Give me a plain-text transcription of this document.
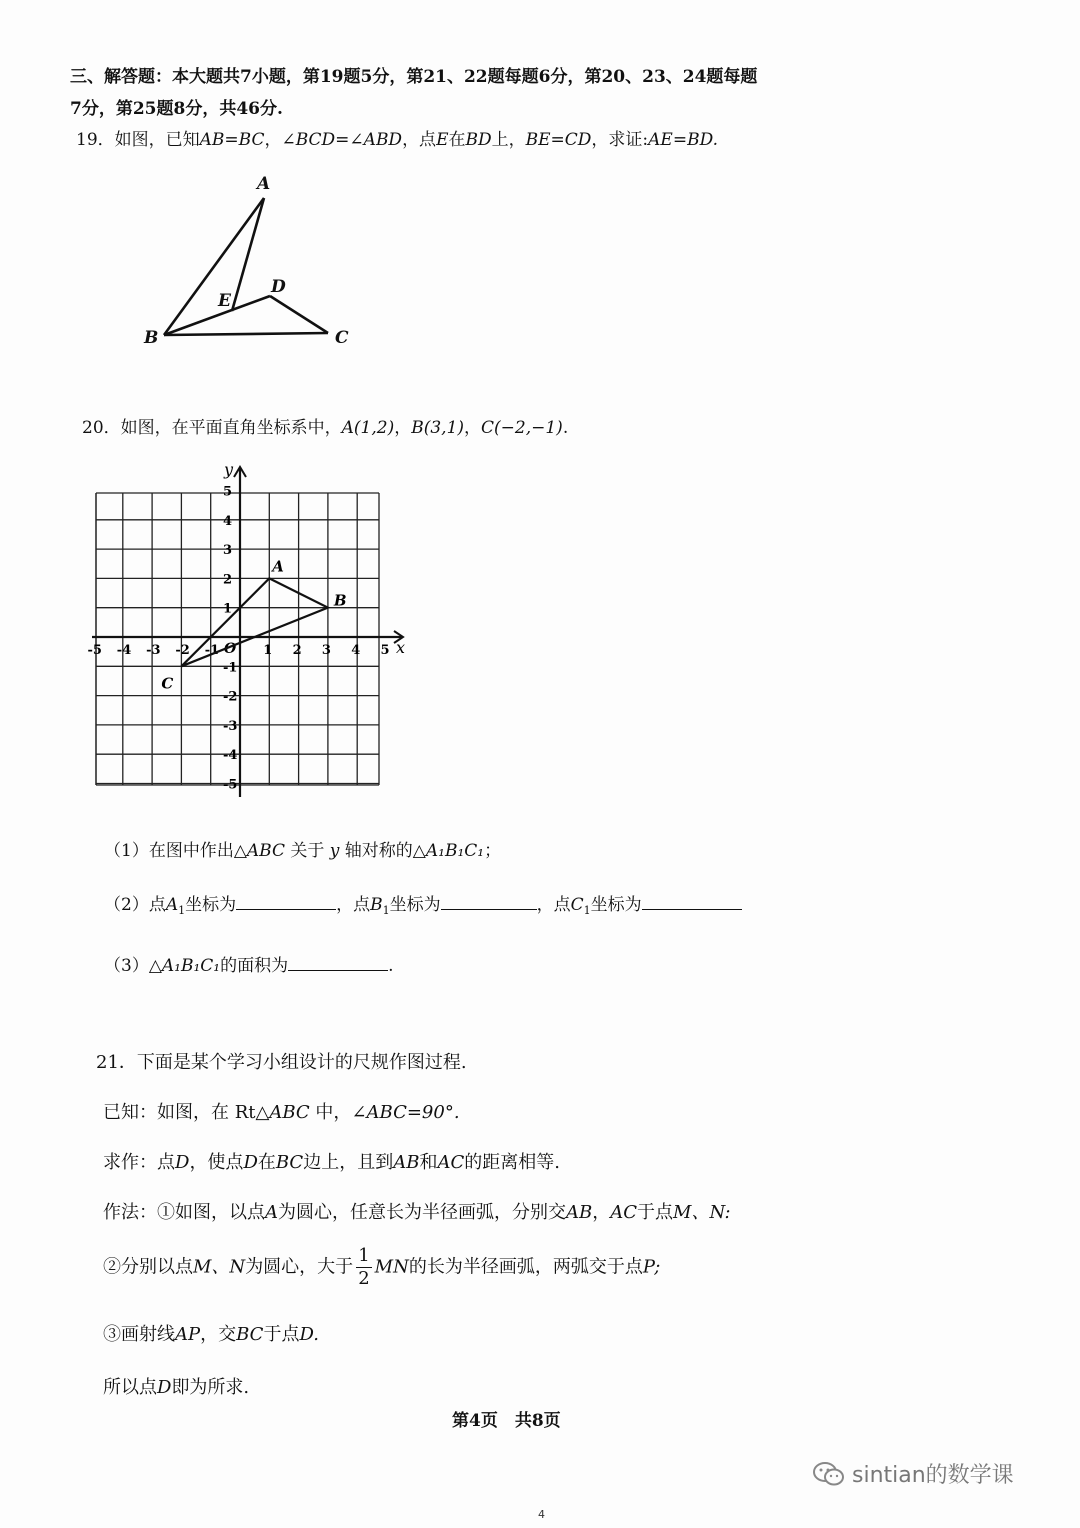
三、解答题：本大题共7小题，第19题5分，第21、22题每题6分，第20、23、24题每题
7分，第25题8分，共46分.
19．如图，已知AB=BC，∠BCD=∠ABD，点E在BD上，BE=CD，求证:AE=BD.
A
B	C
D
E
20．如图，在平面直角坐标系中，A(1,2)，B(3,1)，C(−2,−1).
x
y
O
-5 -4 -3 -2 -1	1 2 3 4 5
5
4
3
2
1
-1
-2
-3
-4
-5
A
B
C
（1）在图中作出△ABC 关于 y 轴对称的△A₁B₁C₁；
（2）点$A_1$坐标为	，点$B_1$坐标为	，点$C_1$坐标为
（3）△A₁B₁C₁的面积为	.
21．下面是某个学习小组设计的尺规作图过程.
已知：如图，在 Rt△ABC 中，∠ABC=90°.
求作：点D，使点D在BC边上，且到AB和AC的距离相等.
作法：①如图，以点A为圆心，任意长为半径画弧，分别交AB，AC于点M、N:
②分别以点M、N为圆心，大于 $\frac{1}{2}$ MN的长为半径画弧，两弧交于点P;
③画射线AP，交BC于点D.
所以点D即为所求.
第4页　共8页
sintian的数学课
4
